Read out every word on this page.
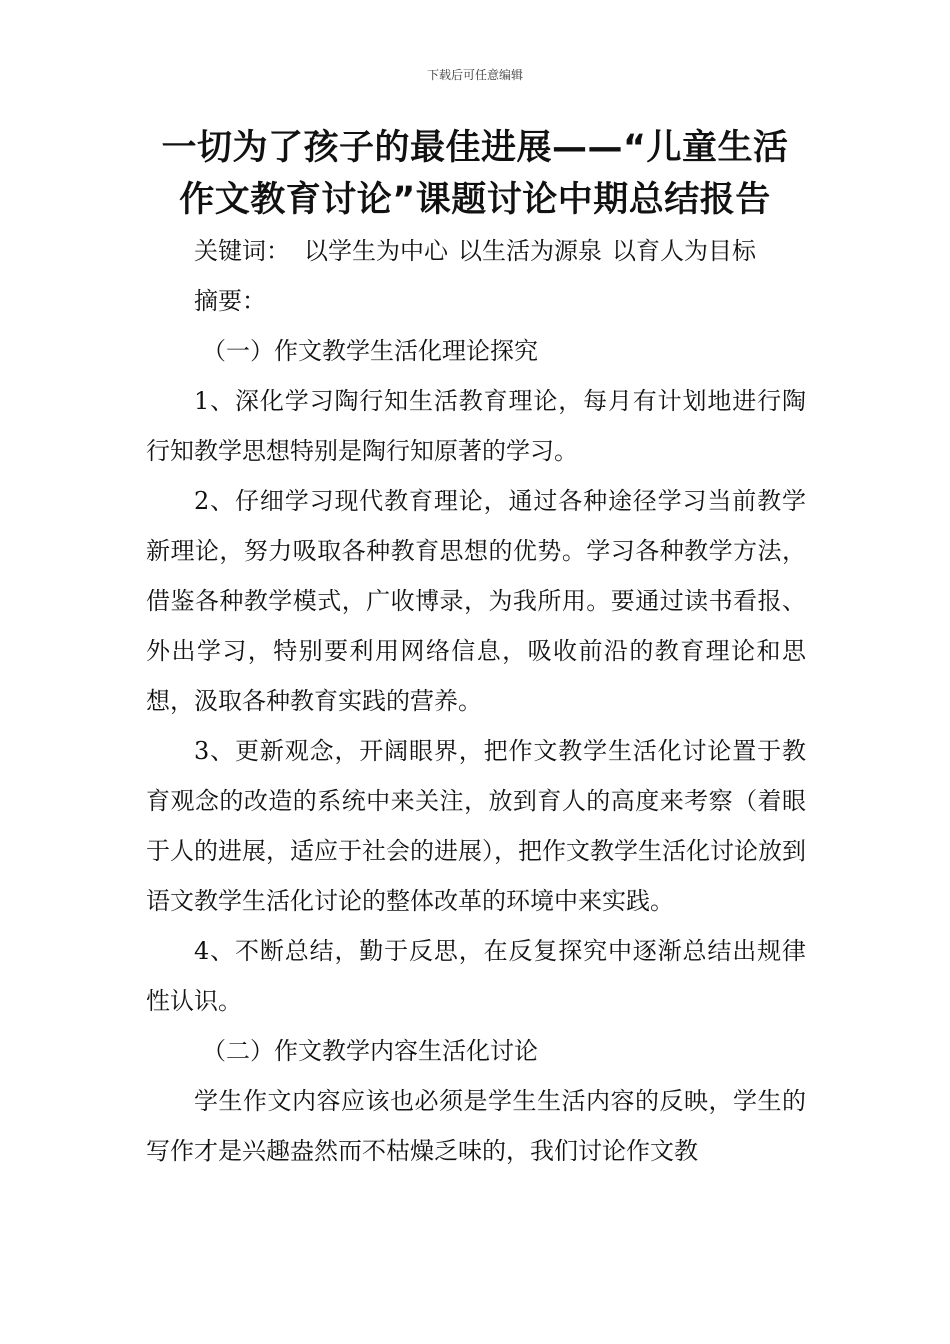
下载后可任意编辑
一切为了孩子的最佳进展——“儿童生活
作文教育讨论”课题讨论中期总结报告

关键词： 以学生为中心 以生活为源泉 以育人为目标

摘要：

（一）作文教学生活化理论探究

1、深化学习陶行知生活教育理论，每月有计划地进行陶行知教学思想特别是陶行知原著的学习。

2、仔细学习现代教育理论，通过各种途径学习当前教学新理论，努力吸取各种教育思想的优势。学习各种教学方法，借鉴各种教学模式，广收博录，为我所用。要通过读书看报、外出学习，特别要利用网络信息，吸收前沿的教育理论和思想，汲取各种教育实践的营养。

3、更新观念，开阔眼界，把作文教学生活化讨论置于教育观念的改造的系统中来关注，放到育人的高度来考察（着眼于人的进展，适应于社会的进展），把作文教学生活化讨论放到语文教学生活化讨论的整体改革的环境中来实践。

4、不断总结，勤于反思，在反复探究中逐渐总结出规律性认识。

（二）作文教学内容生活化讨论

学生作文内容应该也必须是学生生活内容的反映，学生的写作才是兴趣盎然而不枯燥乏味的，我们讨论作文教
